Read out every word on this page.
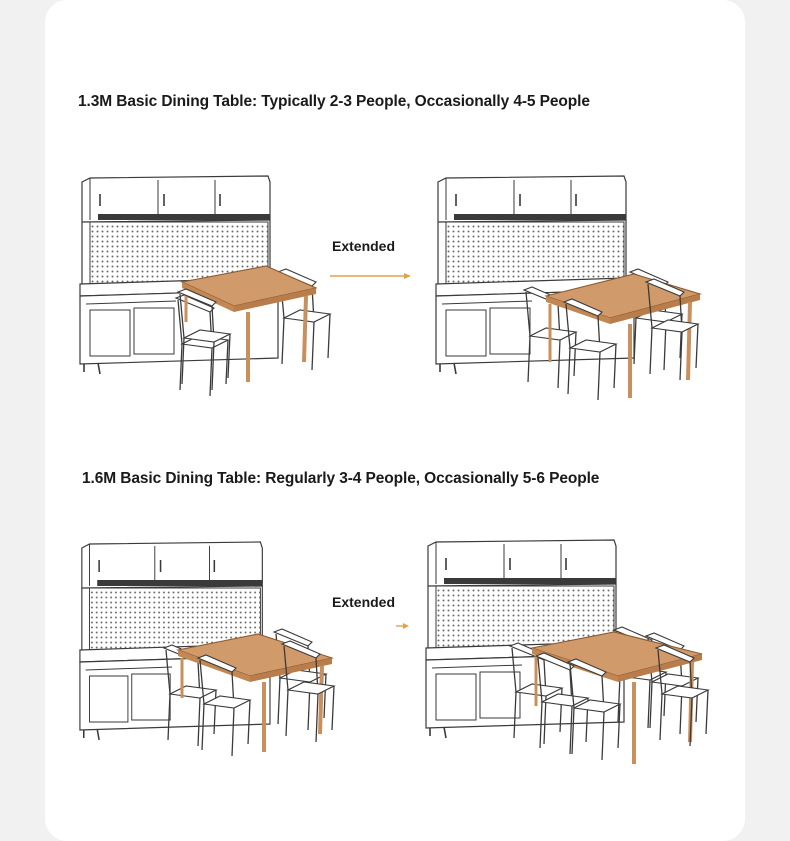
1.3M Basic Dining Table: Typically 2-3 People, Occasionally 4-5 People
Extended
1.6M Basic Dining Table: Regularly 3-4 People, Occasionally 5-6 People
Extended
